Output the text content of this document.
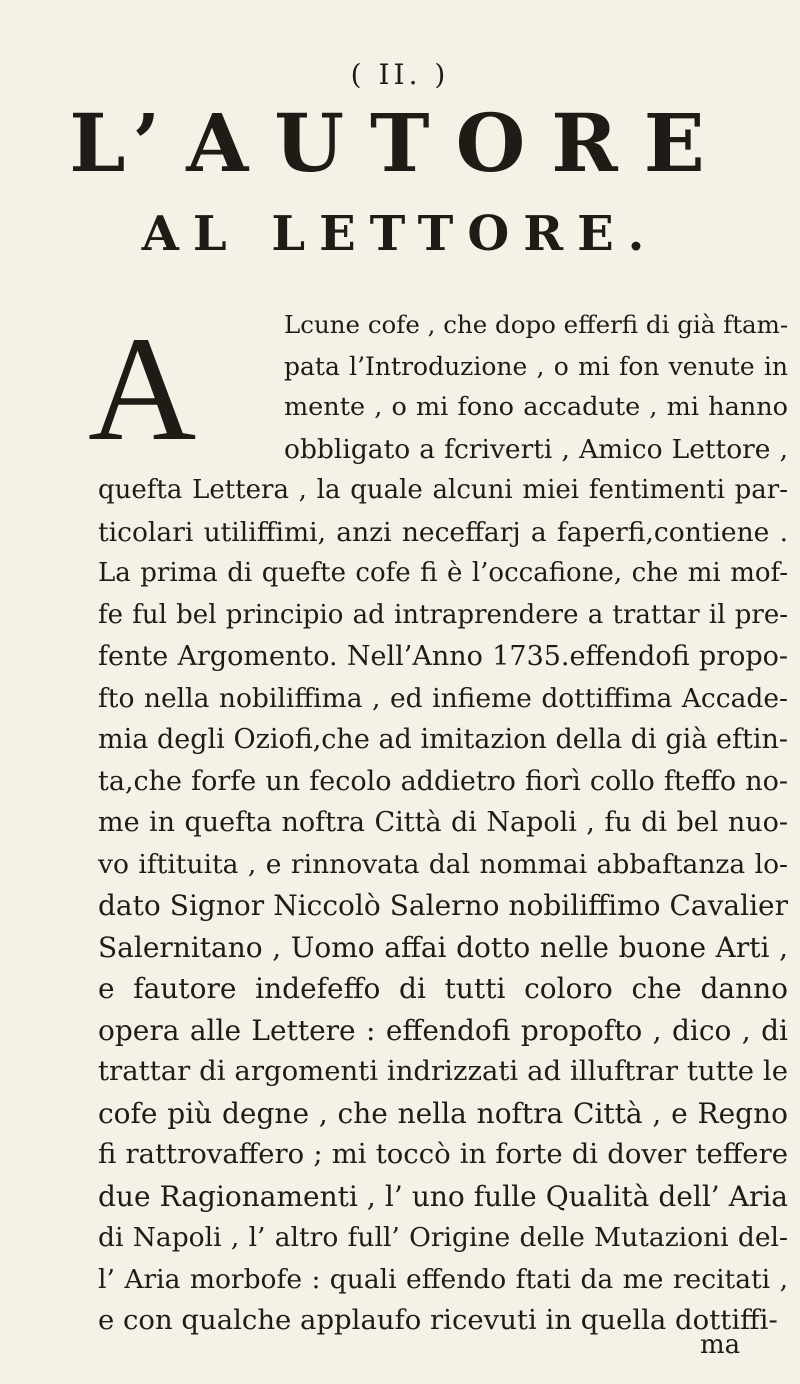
( II. )
L’AUTORE
AL LETTORE.
A	Lcune cofe , che dopo efferfi di già ftam-
pata l’Introduzione , o mi fon venute in
mente , o mi fono accadute , mi hanno
obbligato a fcriverti , Amico Lettore ,
quefta Lettera , la quale alcuni miei fentimenti par-
ticolari utiliffimi, anzi neceffarj a faperfi,contiene .
La prima di quefte cofe fi è l’occafione, che mi mof-
fe ful bel principio ad intraprendere a trattar il pre-
fente Argomento. Nell’Anno 1735.effendofi propo-
fto nella nobiliffima , ed infieme dottiffima Accade-
mia degli Oziofi,che ad imitazion della di già eftin-
ta,che forfe un fecolo addietro fiorì collo fteffo no-
me in quefta noftra Città di Napoli , fu di bel nuo-
vo iftituita , e rinnovata dal nommai abbaftanza lo-
dato Signor Niccolò Salerno nobiliffimo Cavalier
Salernitano , Uomo affai dotto nelle buone Arti ,
e fautore indefeffo di tutti coloro che danno
opera alle Lettere : effendofi propofto , dico , di
trattar di argomenti indrizzati ad illuftrar tutte le
cofe più degne , che nella noftra Città , e Regno
fi rattrovaffero ; mi toccò in forte di dover teffere
due Ragionamenti , l’ uno fulle Qualità dell’ Aria
di Napoli , l’ altro full’ Origine delle Mutazioni del-
l’ Aria morbofe : quali effendo ftati da me recitati ,
e con qualche applaufo ricevuti in quella dottiffi-
ma
